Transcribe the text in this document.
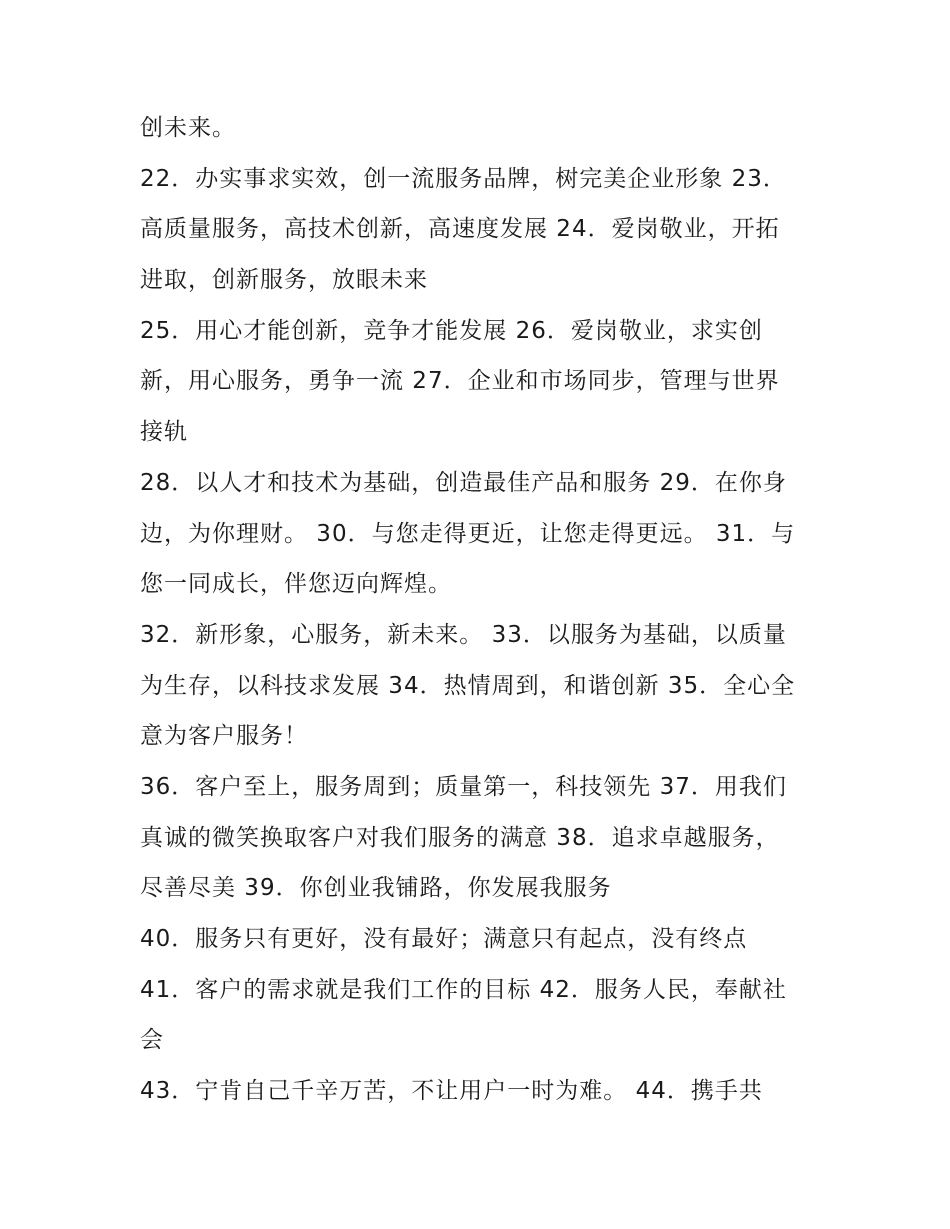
创未来。
22．办实事求实效，创一流服务品牌，树完美企业形象 23．
高质量服务，高技术创新，高速度发展 24．爱岗敬业，开拓
进取，创新服务，放眼未来
25．用心才能创新，竞争才能发展 26．爱岗敬业，求实创
新，用心服务，勇争一流 27．企业和市场同步，管理与世界
接轨
28．以人才和技术为基础，创造最佳产品和服务 29．在你身
边，为你理财。 30．与您走得更近，让您走得更远。 31．与
您一同成长，伴您迈向辉煌。
32．新形象，心服务，新未来。 33．以服务为基础，以质量
为生存，以科技求发展 34．热情周到，和谐创新 35．全心全
意为客户服务！
36．客户至上，服务周到；质量第一，科技领先 37．用我们
真诚的微笑换取客户对我们服务的满意 38．追求卓越服务，
尽善尽美 39．你创业我铺路，你发展我服务
40．服务只有更好，没有最好；满意只有起点，没有终点
41．客户的需求就是我们工作的目标 42．服务人民，奉献社
会
43．宁肯自己千辛万苦，不让用户一时为难。 44．携手共
